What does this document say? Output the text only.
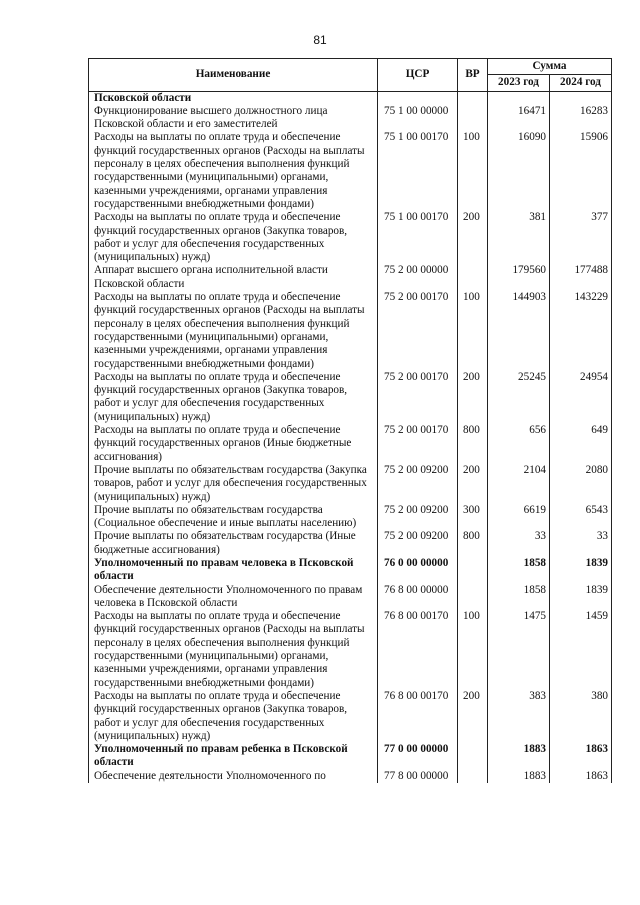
81
Наименование	ЦСР	ВР	Сумма	
			2023 год	2024 год
Псковской области				
Функционирование высшего должностного лица Псковской области и его заместителей	75 1 00 00000		16471	16283
Расходы на выплаты по оплате труда и обеспечение функций государственных органов (Расходы на выплаты персоналу в целях обеспечения выполнения функций государственными (муниципальными) органами, казенными учреждениями, органами управления государственными внебюджетными фондами)	75 1 00 00170	100	16090	15906
Расходы на выплаты по оплате труда и обеспечение функций государственных органов (Закупка товаров, работ и услуг для обеспечения государственных (муниципальных) нужд)	75 1 00 00170	200	381	377
Аппарат высшего органа исполнительной власти Псковской области	75 2 00 00000		179560	177488
Расходы на выплаты по оплате труда и обеспечение функций государственных органов (Расходы на выплаты персоналу в целях обеспечения выполнения функций государственными (муниципальными) органами, казенными учреждениями, органами управления государственными внебюджетными фондами)	75 2 00 00170	100	144903	143229
Расходы на выплаты по оплате труда и обеспечение функций государственных органов (Закупка товаров, работ и услуг для обеспечения государственных (муниципальных) нужд)	75 2 00 00170	200	25245	24954
Расходы на выплаты по оплате труда и обеспечение функций государственных органов (Иные бюджетные ассигнования)	75 2 00 00170	800	656	649
Прочие выплаты по обязательствам государства (Закупка товаров, работ и услуг для обеспечения государственных (муниципальных) нужд)	75 2 00 09200	200	2104	2080
Прочие выплаты по обязательствам государства (Социальное обеспечение и иные выплаты населению)	75 2 00 09200	300	6619	6543
Прочие выплаты по обязательствам государства (Иные бюджетные ассигнования)	75 2 00 09200	800	33	33
Уполномоченный по правам человека в Псковской области	76 0 00 00000		1858	1839
Обеспечение деятельности Уполномоченного по правам человека в Псковской области	76 8 00 00000		1858	1839
Расходы на выплаты по оплате труда и обеспечение функций государственных органов (Расходы на выплаты персоналу в целях обеспечения выполнения функций государственными (муниципальными) органами, казенными учреждениями, органами управления государственными внебюджетными фондами)	76 8 00 00170	100	1475	1459
Расходы на выплаты по оплате труда и обеспечение функций государственных органов (Закупка товаров, работ и услуг для обеспечения государственных (муниципальных) нужд)	76 8 00 00170	200	383	380
Уполномоченный по правам ребенка в Псковской области	77 0 00 00000		1883	1863
Обеспечение деятельности Уполномоченного по	77 8 00 00000		1883	1863
